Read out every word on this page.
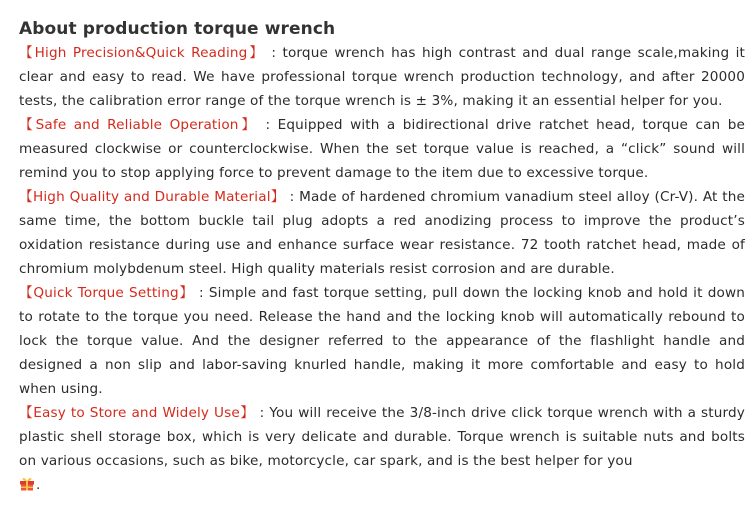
About production torque wrench

【High Precision&Quick Reading】 : torque wrench has high contrast and dual range scale,making it clear and easy to read. We have professional torque wrench production technology, and after 20000 tests, the calibration error range of the torque wrench is ± 3%, making it an essential helper for you.

【Safe and Reliable Operation】 : Equipped with a bidirectional drive ratchet head, torque can be measured clockwise or counterclockwise. When the set torque value is reached, a “click” sound will remind you to stop applying force to prevent damage to the item due to excessive torque.

【High Quality and Durable Material】 : Made of hardened chromium vanadium steel alloy (Cr-V). At the same time, the bottom buckle tail plug adopts a red anodizing process to improve the product’s oxidation resistance during use and enhance surface wear resistance. 72 tooth ratchet head, made of chromium molybdenum steel. High quality materials resist corrosion and are durable.

【Quick Torque Setting】 : Simple and fast torque setting, pull down the locking knob and hold it down to rotate to the torque you need. Release the hand and the locking knob will automatically rebound to lock the torque value. And the designer referred to the appearance of the flashlight handle and designed a non slip and labor-saving knurled handle, making it more comfortable and easy to hold when using.

【Easy to Store and Widely Use】 : You will receive the 3/8-inch drive click torque wrench with a sturdy plastic shell storage box, which is very delicate and durable. Torque wrench is suitable nuts and bolts on various occasions, such as bike, motorcycle, car spark, and is the best helper for you

.
